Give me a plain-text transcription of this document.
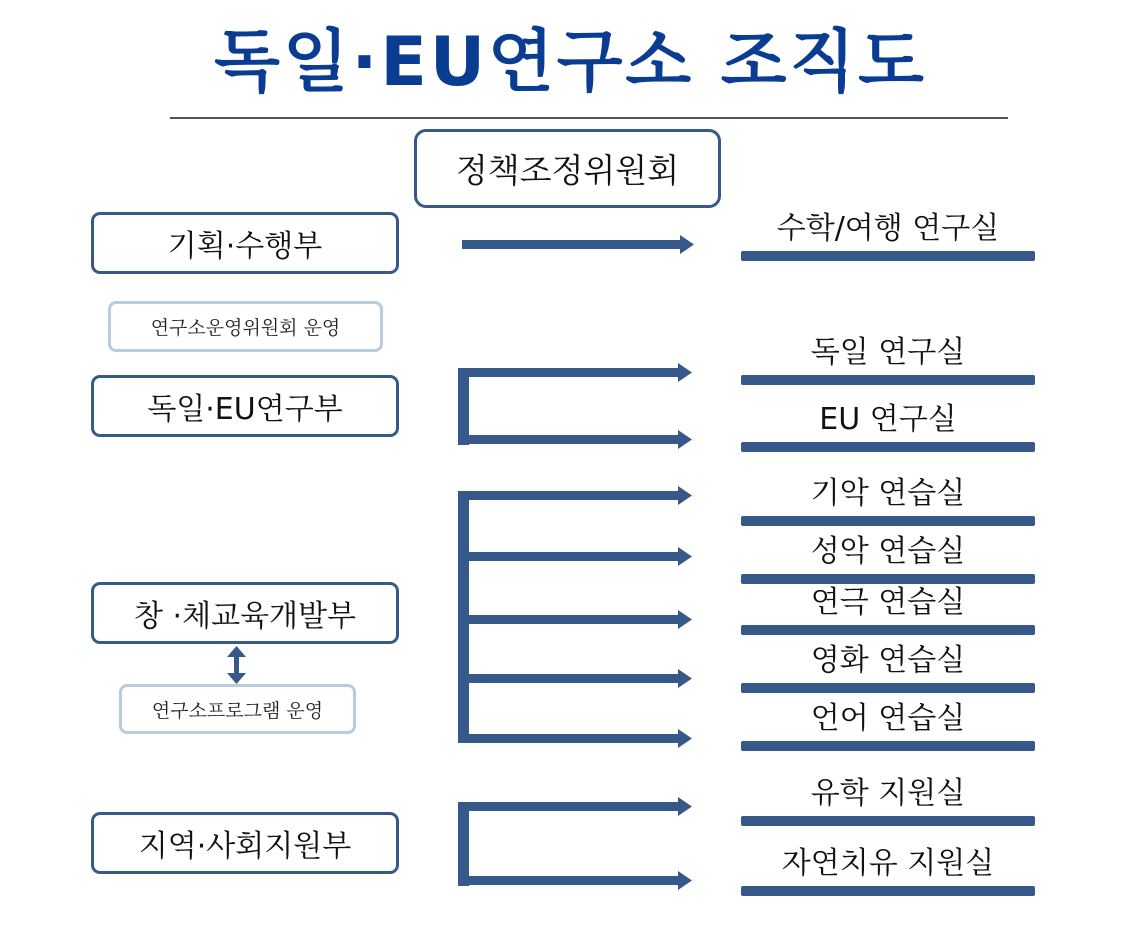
독일·EU연구소 조직도
정책조정위원회
기획·수행부
연구소운영위원회 운영
독일·EU연구부
창 ·체교육개발부
연구소프로그램 운영
지역·사회지원부
수학/여행 연구실
독일 연구실
EU 연구실
기악 연습실
성악 연습실
연극 연습실
영화 연습실
언어 연습실
유학 지원실
자연치유 지원실
